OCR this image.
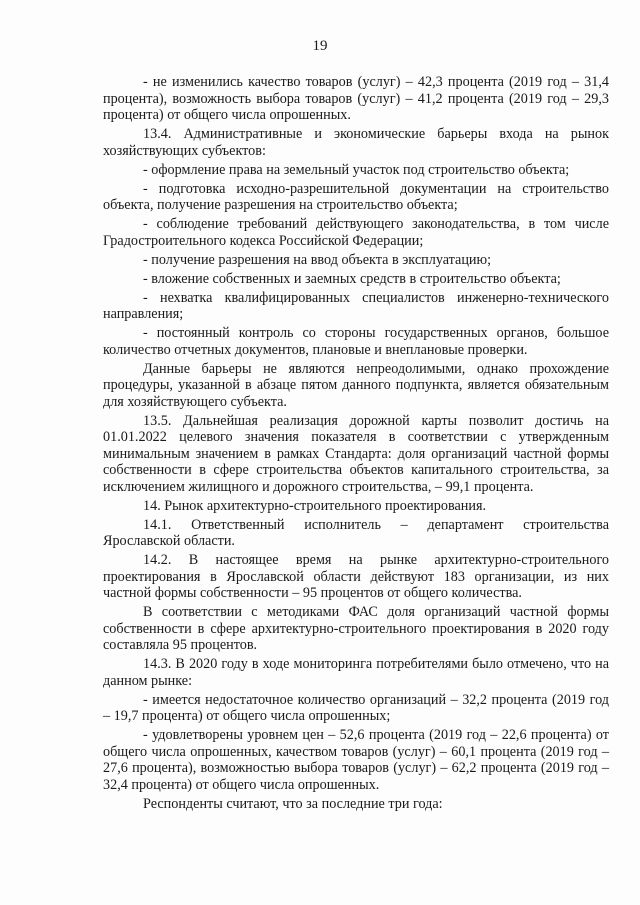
19

- не изменились качество товаров (услуг) – 42,3 процента (2019 год – 31,4 процента), возможность выбора товаров (услуг) – 41,2 процента (2019 год – 29,3 процента) от общего числа опрошенных.

13.4. Административные и экономические барьеры входа на рынок хозяйствующих субъектов:

- оформление права на земельный участок под строительство объекта;

- подготовка исходно-разрешительной документации на строительство объекта, получение разрешения на строительство объекта;

- соблюдение требований действующего законодательства, в том числе Градостроительного кодекса Российской Федерации;

- получение разрешения на ввод объекта в эксплуатацию;

- вложение собственных и заемных средств в строительство объекта;

- нехватка квалифицированных специалистов инженерно-технического направления;

- постоянный контроль со стороны государственных органов, большое количество отчетных документов, плановые и внеплановые проверки.

Данные барьеры не являются непреодолимыми, однако прохождение процедуры, указанной в абзаце пятом данного подпункта, является обязательным для хозяйствующего субъекта.

13.5. Дальнейшая реализация дорожной карты позволит достичь на 01.01.2022 целевого значения показателя в соответствии с утвержденным минимальным значением в рамках Стандарта: доля организаций частной формы собственности в сфере строительства объектов капитального строительства, за исключением жилищного и дорожного строительства, – 99,1 процента.

14. Рынок архитектурно-строительного проектирования.

14.1. Ответственный исполнитель – департамент строительства Ярославской области.

14.2. В настоящее время на рынке архитектурно-строительного проектирования в Ярославской области действуют 183 организации, из них частной формы собственности – 95 процентов от общего количества.

В соответствии с методиками ФАС доля организаций частной формы собственности в сфере архитектурно-строительного проектирования в 2020 году составляла 95 процентов.

14.3. В 2020 году в ходе мониторинга потребителями было отмечено, что на данном рынке:

- имеется недостаточное количество организаций – 32,2 процента (2019 год – 19,7 процента) от общего числа опрошенных;

- удовлетворены уровнем цен – 52,6 процента (2019 год – 22,6 процента) от общего числа опрошенных, качеством товаров (услуг) – 60,1 процента (2019 год – 27,6 процента), возможностью выбора товаров (услуг) – 62,2 процента (2019 год – 32,4 процента) от общего числа опрошенных.

Респонденты считают, что за последние три года:
